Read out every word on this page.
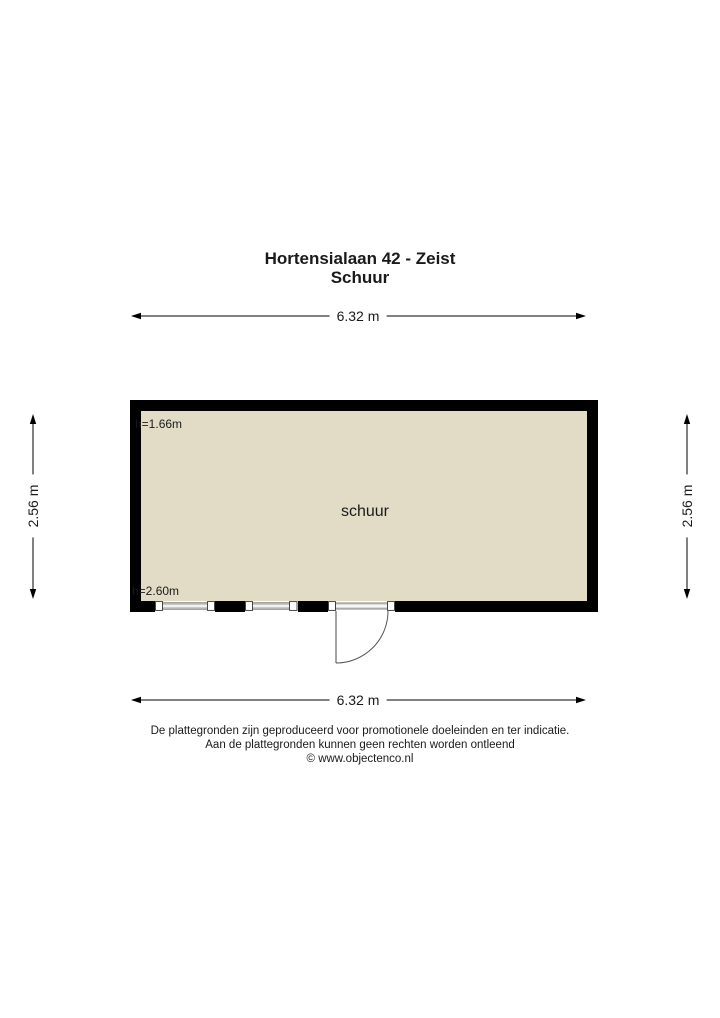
Hortensialaan 42 - Zeist
Schuur
6.32 m
6.32 m
2.56 m	2.56 m
h=1.66m
h=2.60m
schuur
De plattegronden zijn geproduceerd voor promotionele doeleinden en ter indicatie.
Aan de plattegronden kunnen geen rechten worden ontleend
© www.objectenco.nl
